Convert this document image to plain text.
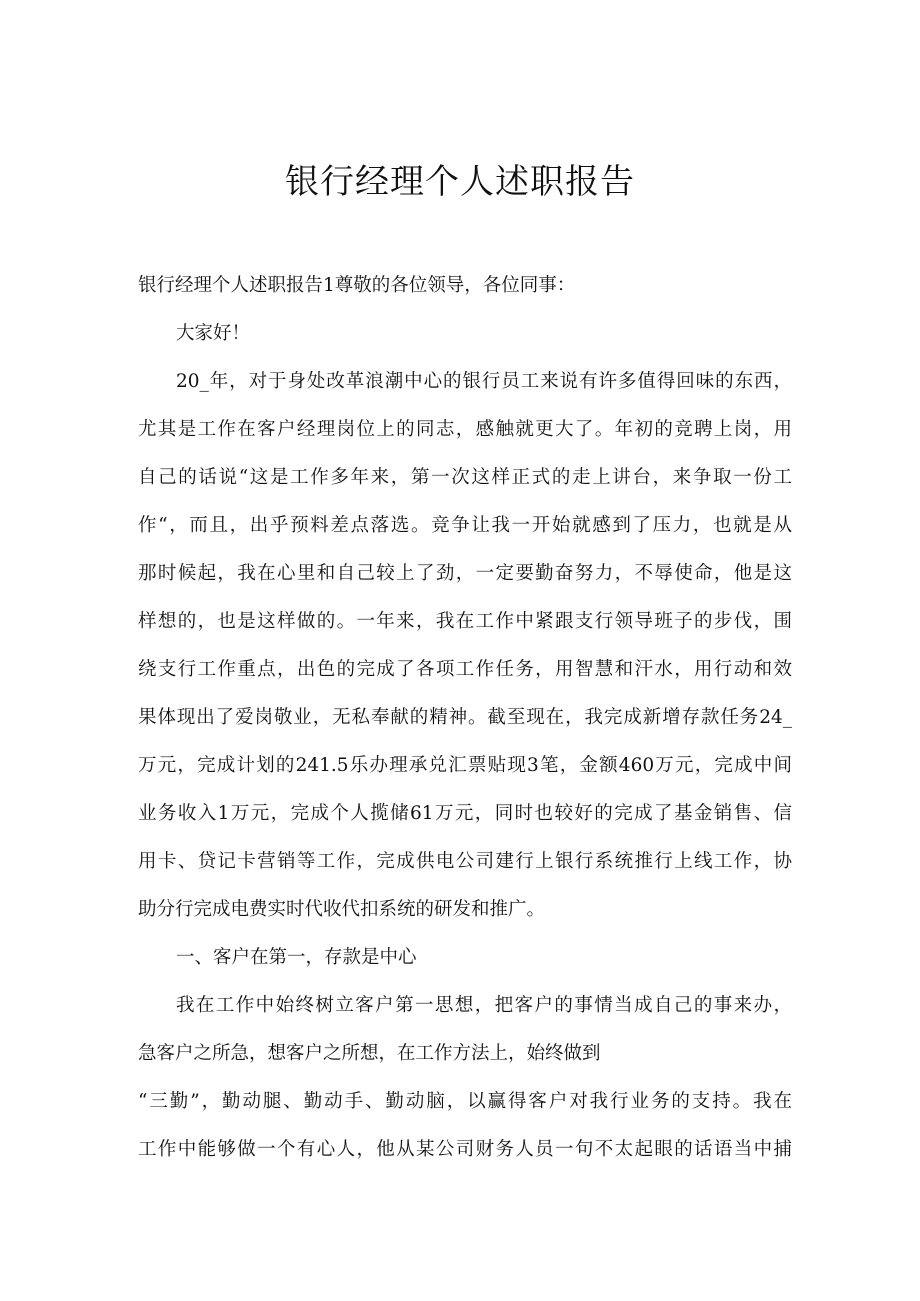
银行经理个人述职报告
银行经理个人述职报告1尊敬的各位领导，各位同事：
大家好！
20_年，对于身处改革浪潮中心的银行员工来说有许多值得回味的东西，
尤其是工作在客户经理岗位上的同志，感触就更大了。年初的竞聘上岗，用
自己的话说“这是工作多年来，第一次这样正式的走上讲台，来争取一份工
作“，而且，出乎预料差点落选。竞争让我一开始就感到了压力，也就是从
那时候起，我在心里和自己较上了劲，一定要勤奋努力，不辱使命，他是这
样想的，也是这样做的。一年来，我在工作中紧跟支行领导班子的步伐，围
绕支行工作重点，出色的完成了各项工作任务，用智慧和汗水，用行动和效
果体现出了爱岗敬业，无私奉献的精神。截至现在，我完成新增存款任务24_
万元，完成计划的241.5乐办理承兑汇票贴现3笔，金额460万元，完成中间
业务收入1万元，完成个人揽储61万元，同时也较好的完成了基金销售、信
用卡、贷记卡营销等工作，完成供电公司建行上银行系统推行上线工作，协
助分行完成电费实时代收代扣系统的研发和推广。
一、客户在第一，存款是中心
我在工作中始终树立客户第一思想，把客户的事情当成自己的事来办，
急客户之所急，想客户之所想，在工作方法上，始终做到
“三勤”，勤动腿、勤动手、勤动脑，以赢得客户对我行业务的支持。我在
工作中能够做一个有心人，他从某公司财务人员一句不太起眼的话语当中捕
